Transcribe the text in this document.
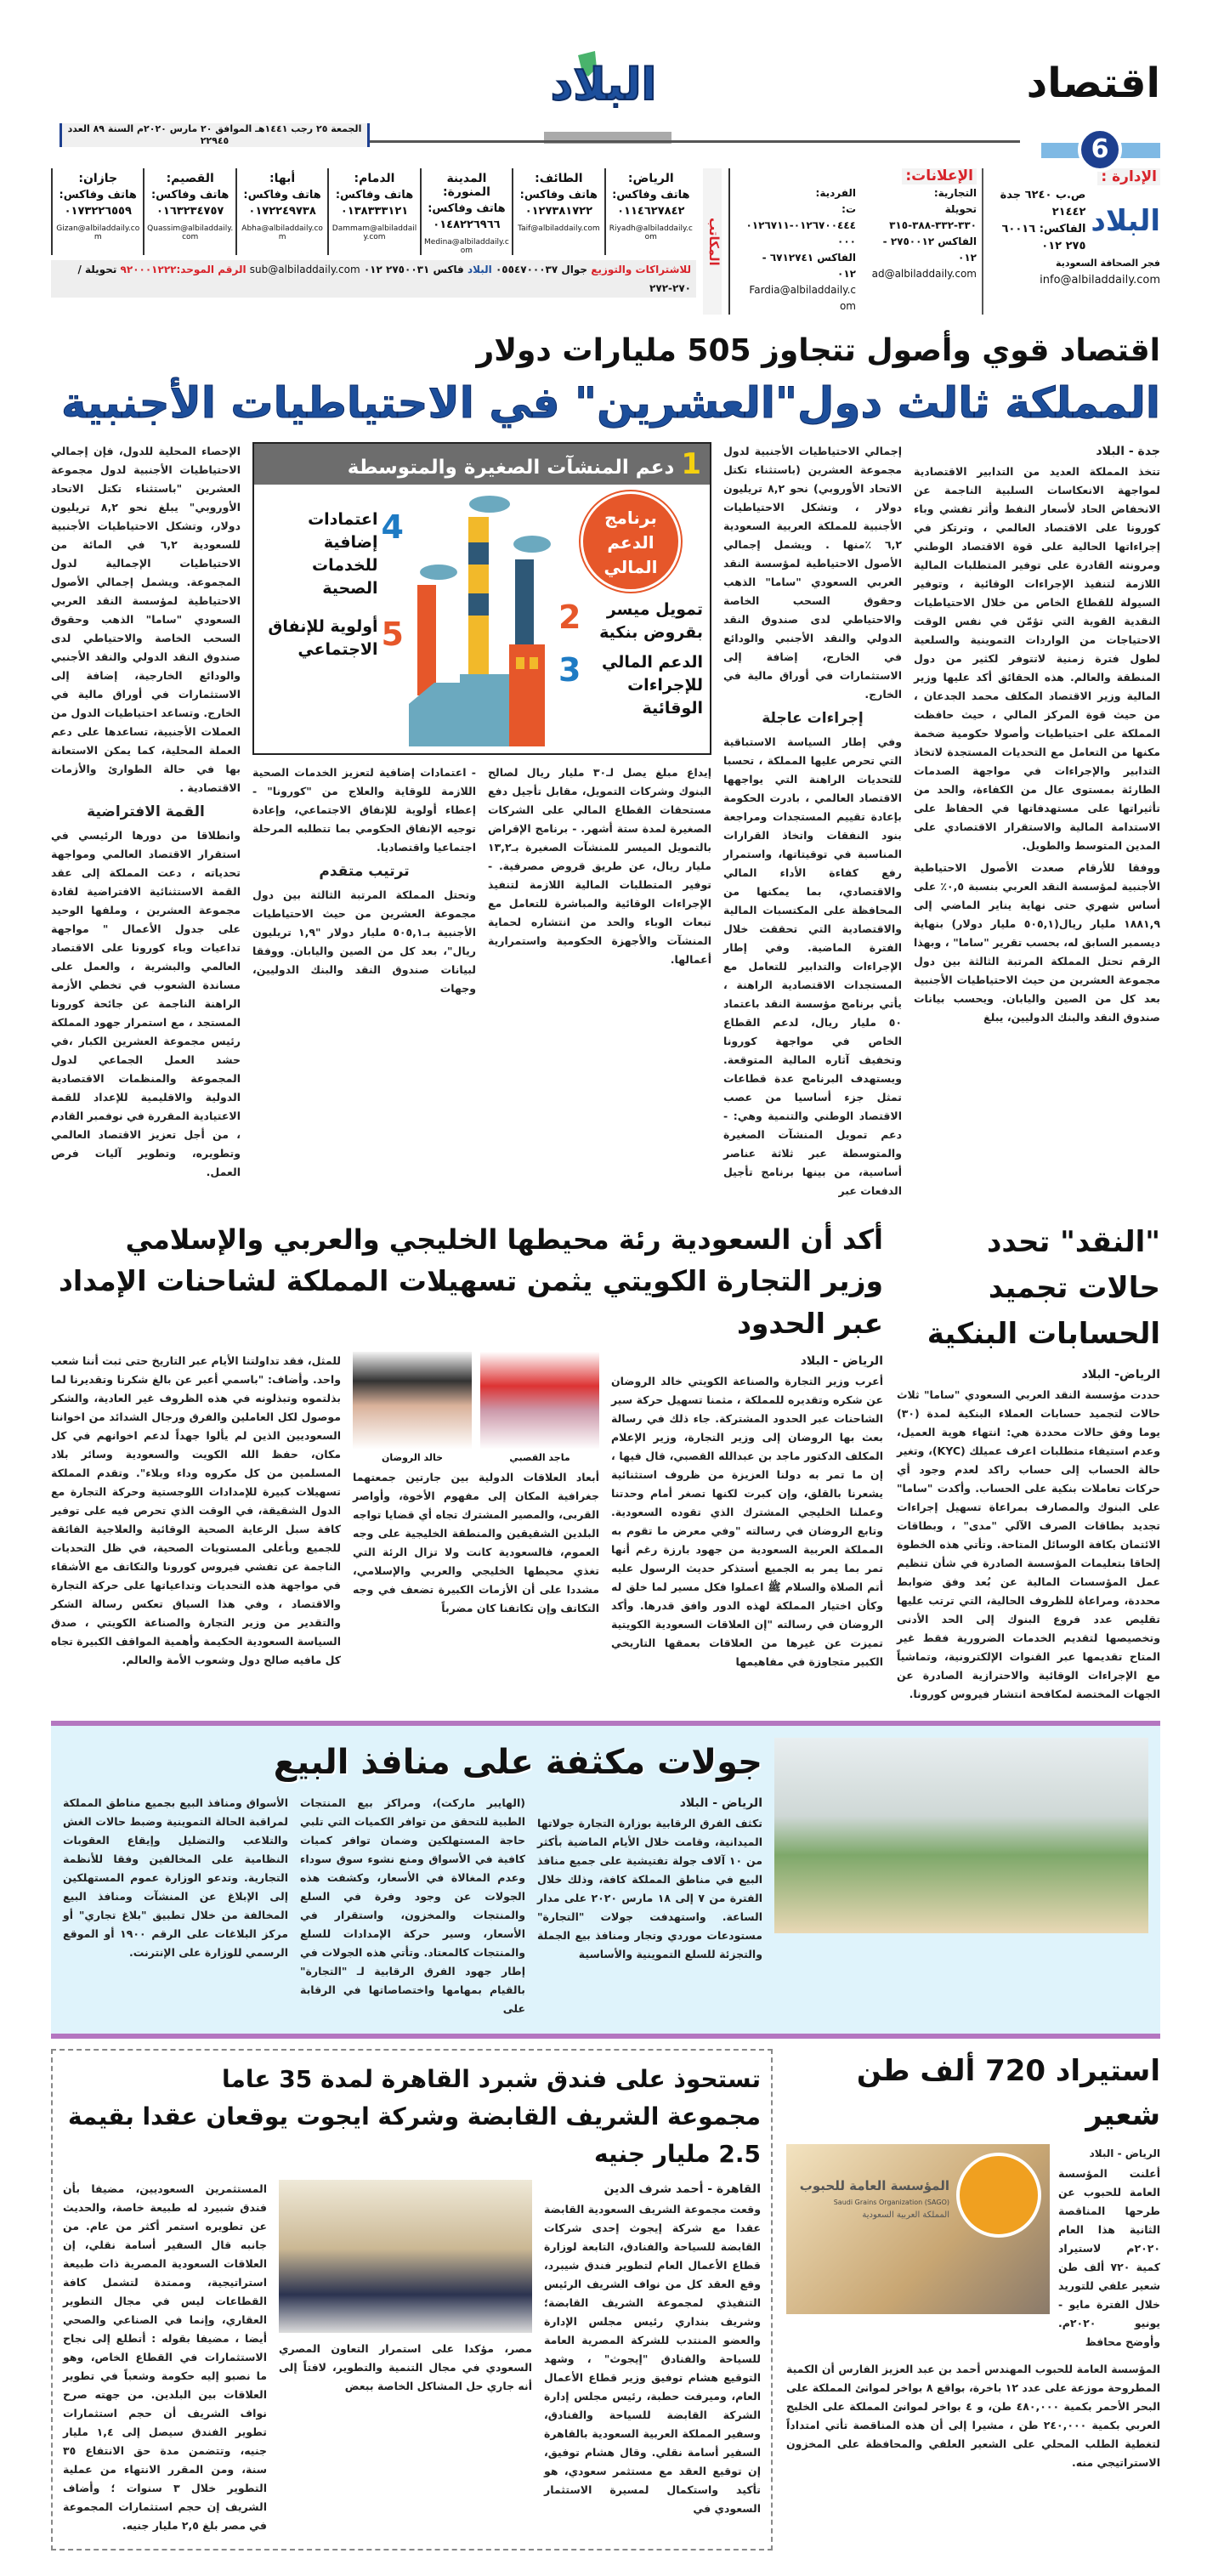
البلاد	اقتصاد
6
الجمعة ٢٥ رجب ١٤٤١هـ الموافق ٢٠ مارس ٢٠٢٠م السنة ٨٩ العدد ٢٢٩٤٥
الإدارة :
البلاد
ص.ب ٦٢٤٠ جدة ٢١٤٤٢
الفاكس: ٦٠٠١٦ ٢٧٥ ٠١٢
فجر الصحافة السعودية
info@albiladdaily.com
الإعلانات:
التجارية:
تحويلة ٣٣٠-٣٣٢-٣٨٨-٣١٥
الفاكس ٢٧٥٠٠١٢ - ٠١٢
ad@albiladdaily.com
الفردية:
ت: ٠١٢٦٧٠٠٤٤٤-٠١٢٦٧١١٠٠٠
الفاكس ٦٧١٢٧٤١ - ٠١٢
Fardia@albiladdaily.com
المكاتب
الرياض:
هاتف وفاكس:
٠١١٤٦٢٧٨٤٢
Riyadh@albiladdaily.com
الطائف:
هاتف وفاكس:
٠١٢٧٣٨١٧٢٢
Taif@albiladdaily.com
المدينة المنورة:
هاتف وفاكس:
٠١٤٨٢٢٦٩٦٦
Medina@albiladdaily.com
الدمام:
هاتف وفاكس:
٠١٣٨٣٣٣١٢١
Dammam@albiladdaily.com
أبها:
هاتف وفاكس:
٠١٧٢٢٤٩٧٣٨
Abha@albiladdaily.com
القصيم:
هاتف وفاكس:
٠١٦٣٢٣٤٧٥٧
Quassim@albiladdaily.com
جازان:
هاتف وفاكس:
٠١٧٣٢٢٦٥٥٩
Gizan@albiladdaily.com
للاشتراكات والتوزيع جوال ٠٥٥٤٧٠٠٠٣٧ البلاد فاكس ٢٧٥٠٠٣١ ٠١٢ sub@albiladdaily.com الرقم الموحد:٩٢٠٠٠١٢٢٢ تحويلة /٢٧٠-٢٧٢
اقتصاد قوي وأصول تتجاوز 505 مليارات دولار
المملكة ثالث دول"العشرين" في الاحتياطيات الأجنبية
جدة - البلاد

تتخذ المملكة العديد من التدابير الاقتصادية لمواجهة الانعكاسات السلبية الناجمة عن الانخفاض الحاد لأسعار النفط وأثر تفشي وباء كورونا على الاقتصاد العالمي ، وترتكز في إجراءاتها الحالية على قوة الاقتصاد الوطني ومرونته القادرة على توفير المتطلبات المالية اللازمة لتنفيذ الإجراءات الوقائية ، وتوفير السيولة للقطاع الخاص من خلال الاحتياطيات النقدية القوية التي تؤمّن في نفس الوقت الاحتياجات من الواردات التموينية والسلعية لطول فترة زمنية لاتتوفر لكثير من دول المنطقة والعالم. هذه الحقائق أكد عليها وزير المالية وزير الاقتصاد المكلف محمد الجدعان ، من حيث قوة المركز المالي ، حيث حافظت المملكة على احتياطيات وأصولا حكومية ضخمة مكنها من التعامل مع التحديات المستجدة لاتخاذ التدابير والإجراءات في مواجهة الصدمات الطارئة بمستوى عال من الكفاءة، والحد من تأثيراتها على مستهدفاتها في الحفاظ على الاستدامة المالية والاستقرار الاقتصادي على المدين المتوسط والطويل.

ووفقا للأرقام صعدت الأصول الاحتياطية الأجنبية لمؤسسة النقد العربي بنسبة ٠,٥٪ على أساس شهري حتى نهاية يناير الماضي إلى ١٨٨١,٩ مليار ريال(٥٠٥,١ مليار دولار) بنهاية ديسمبر السابق له، بحسب تقرير "ساما" ، وبهذا الرقم تحتل المملكة المرتبة الثالثة بين دول مجموعة العشرين من حيث الاحتياطيات الأجنبية بعد كل من الصين واليابان. ويحسب بيانات صندوق النقد والبنك الدوليين، يبلغ

إجمالي الاحتياطيات الأجنبية لدول مجموعة العشرين (باستثناء تكتل الاتحاد الأوروبي) نحو ٨,٢ تريليون دولار ، وتشكل الاحتياطيات الأجنبية للمملكة العربية السعودية ٦,٢ ٪منها . ويشمل إجمالي الأصول الاحتياطية لمؤسسة النقد العربي السعودي "ساما" الذهب وحقوق السحب الخاصة والاحتياطي لدى صندوق النقد الدولي والنقد الأجنبي والودائع في الخارج، إضافة إلى الاستثمارات في أوراق مالية في الخارج.

إجراءات عاجلة

وفي إطار السياسة الاستباقية التي تحرص عليها المملكة ، تحسبا للتحديات الراهنة التي يواجهها الاقتصاد العالمي ، بادرت الحكومة بإعادة تقييم المستجدات ومراجعة بنود النفقات واتخاذ القرارات المناسبة في توقيتاتها، واستمرار رفع كفاءة الأداء المالي والاقتصادي، بما يمكنها من المحافظة على المكتسبات المالية والاقتصادية التي تحققت خلال الفترة الماضية. وفي إطار الإجراءات والتدابير للتعامل مع المستجدات الاقتصادية الراهنة ، يأتي برنامج مؤسسة النقد باعتماد ٥٠ مليار ريال، لدعم القطاع الخاص في مواجهة كورونا وتخفيف آثاره المالية المتوقعة. ويستهدف البرنامج عدة قطاعات تمثل جزء أساسيا من عصب الاقتصاد الوطني والتنمية وهي: - دعم تمويل المنشآت الصغيرة والمتوسطة عبر ثلاثة عناصر أساسية، من بينها برنامج تأجيل الدفعات عبر

1 دعم المنشآت الصغيرة والمتوسطة
برنامج الدعم المالي
تمويل ميسر بقروض بنكية
2
الدعم المالي للإجراءات الوقائية
3
4
اعتمادات إضافية للخدمات الصحية
5
أولوية للإنفاق الاجتماعي

إيداع مبلغ يصل لـ٣٠ مليار ريال لصالح البنوك وشركات التمويل، مقابل تأجيل دفع مستحقات القطاع المالي على الشركات الصغيرة لمدة ستة أشهر. - برنامج الإقراض بالتمويل الميسر للمنشآت الصغيرة بـ١٣,٢ مليار ريال، عن طريق قروض مصرفية. - توفير المتطلبات المالية اللازمة لتنفيذ الإجراءات الوقائية والمباشرة للتعامل مع تبعات الوباء والحد من انتشاره لحماية المنشآت والأجهزة الحكومية واستمرارية أعمالها.

- اعتمادات إضافية لتعزيز الخدمات الصحية اللازمة للوقاية والعلاج من "كورونا" - إعطاء أولوية للإنفاق الاجتماعي، وإعادة توجيه الإنفاق الحكومي بما تتطلبه المرحلة اجتماعيا واقتصاديا.

ترتيب متقدم

وتحتل المملكة المرتبة الثالثة بين دول مجموعة العشرين من حيث الاحتياطيات الأجنبية بـ٥٠٥,١ مليار دولار "١,٩ تريليون ريال"، بعد كل من الصين واليابان. ووفقا لبيانات صندوق النقد والبنك الدوليين، وجهات

الإحصاء المحلية للدول، فإن إجمالي الاحتياطيات الأجنبية لدول مجموعة العشرين "باستثناء تكتل الاتحاد الأوروبي" يبلغ نحو ٨,٢ تريليون دولار، وتشكل الاحتياطيات الأجنبية للسعودية ٦,٢ في المائة من الاحتياطيات الإجمالية لدول المجموعة. ويشمل إجمالي الأصول الاحتياطية لمؤسسة النقد العربي السعودي "ساما" الذهب وحقوق السحب الخاصة والاحتياطي لدى صندوق النقد الدولي والنقد الأجنبي والودائع الخارجية، إضافة إلى الاستثمارات في أوراق مالية في الخارج. وتساعد احتياطيات الدول من العملات الأجنبية، تساعدها على دعم العملة المحلية، كما يمكن الاستعانة بها في حالة الطوارئ والأزمات الاقتصادية .

القمة الافتراضية

وانطلاقا من دورها الرئيسي في استقرار الاقتصاد العالمي ومواجهة تحدياته ، دعت المملكة إلى عقد القمة الاستثنائية الافتراضية لقادة مجموعة العشرين ، وملفها الوحيد على جدول الأعمال " مواجهة تداعيات وباء كورونا على الاقتصاد العالمي والبشرية ، والعمل على مساندة الشعوب في تخطي الأزمة الراهنة الناجمة عن جائحة كورونا المستجد ، مع استمرار جهود المملكة رئيس مجموعة العشرين الكبار ،في حشد العمل الجماعي لدول المجموعة والمنظمات الاقتصادية الدولية والاقليمية للإعداد للقمة الاعتيادية المقررة في نوفمبر القادم ، من أجل تعزيز الاقتصاد العالمي وتطويره، وتطوير آليات فرص العمل.

"النقد" تحدد حالات تجميد الحسابات البنكية
الرياض- البلاد

حددت مؤسسة النقد العربي السعودي "ساما" ثلاث حالات لتجميد حسابات العملاء البنكية لمدة (٣٠) يوما وفق حالات محددة هي: انتهاء هوية العميل، وعدم استيفاء متطلبات اعرف عميلك (KYC)، وتغير حالة الحساب إلى حساب راكد لعدم وجود أي حركات تعاملات بنكية على الحساب. وأكدت "ساما" على البنوك والمصارف بمراعاة تسهيل إجراءات تجديد بطاقات الصرف الآلي "مدى" ، وبطاقات الائتمان بكافة الوسائل المتاحة. وتأتي هذه الخطوة إلحاقا بتعليمات المؤسسة الصادرة في شأن تنظيم عمل المؤسسات المالية عن بُعد وفق ضوابط محددة، ومراعاة للظروف الحالية، التي ترتب عليها تقليص عدد فروع البنوك إلى الحد الأدنى وتخصيصها لتقديم الخدمات الضرورية فقط غير المتاح تقديمها عبر القنوات الإلكترونية، وتماشياً مع الإجراءات الوقائية والاحترازية الصادرة عن الجهات المختصة لمكافحة انتشار فيروس كورونا.

أكد أن السعودية رئة محيطها الخليجي والعربي والإسلامي
وزير التجارة الكويتي يثمن تسهيلات المملكة لشاحنات الإمداد عبر الحدود
الرياض - البلاد

أعرب وزير التجارة والصناعة الكويتي خالد الروضان عن شكره وتقديره للمملكة ، مثمنا تسهيل حركة سير الشاحنات عبر الحدود المشتركة. جاء ذلك في رسالة بعث بها الروضان إلى وزير التجارة، وزير الإعلام المكلف الدكتور ماجد بن عبدالله القصبي، قال فيها ، إن ما تمر به دولنا العزيزة من ظروف استثنائية يشعرنا بالقلق، وإن كبرت لكنها تصغر أمام وحدتنا وعملنا الخليجي المشترك الذي تقوده السعودية. وتابع الروضان في رسالته "وفي معرض ما تقوم به المملكة العربية السعودية من جهود بارزة رغم أنها تمر بما يمر به الجميع أستذكر حديث الرسول عليه أتم الصلاة والسلام ﷺ اعملوا فكل مسير لما خلق له وكأن اختيار المملكة لهذه الدور وافق قدرها. وأكد الروضان في رسالته "إن العلاقات السعودية الكويتية تميزت عن غيرها من العلاقات بعمقها التاريخي الكبير متجاوزة في مفاهيمها

ماجد القصبي
خالد الروضان

أبعاد العلاقات الدولية بين جارتين جمعتهما جغرافية المكان إلى مفهوم الأخوة، وأواصر القربى، والمصير المشترك تجاه أي قضايا تواجه البلدين الشقيقين والمنطقة الخليجية على وجه العموم، فالسعودية كانت ولا تزال الرئة التي تغذي محيطها الخليجي والعربي والإسلامي، مشددا على أن الأزمات الكبيرة تضعف في وجه التكاتف وإن تكاتفنا كان مضرباً

للمثل، فقد تداولتنا الأيام عبر التاريخ حتى ثبت أننا شعب واحد. وأضاف: "باسمي أعبر عن بالغ شكرنا وتقديرنا لما بذلتموه وتبذلونه في هذه الظروف غير العادية، والشكر موصول لكل العاملين والفرق ورجال الشدائد من اخواننا السعوديين الذين لم يألوا جهداً لدعم اخوانهم في كل مكان، حفظ الله الكويت والسعودية وسائر بلاد المسلمين من كل مكروه وداء وبلاء". وتقدم المملكة تسهيلات كبيرة للإمدادات اللوجستية وحركة التجارة مع الدول الشقيقة، في الوقت الذي تحرص فيه على توفير كافة سبل الرعاية الصحية الوقائية والعلاجية الفائقة للجميع وبأعلى المستويات الصحية، في ظل التحديات الناجمة عن تفشي فيروس كورونا والتكاتف مع الأشقاء في مواجهة هذه التحديات وتداعياتها على حركة التجارة والاقتصاد ، وفي هذا السياق تعكس رسالة الشكر والتقدير من وزير التجارة والصناعة الكويتي ، صدق السياسة السعودية الحكيمة وأهمية المواقف الكبيرة تجاه كل مافيه صالح دول وشعوب الأمة والعالم.

جولات مكثفة على منافذ البيع
الرياض - البلاد

تكثف الفرق الرقابية بوزارة التجارة جولاتها الميدانية، وقامت خلال الأيام الماضية بأكثر من ١٠ آلاف جولة تفتيشية على جميع منافذ البيع في مناطق المملكة كافة، وذلك خلال الفترة من ٧ إلى ١٨ مارس ٢٠٢٠ على مدار الساعة. واستهدفت جولات "التجارة" مستودعات موردي وتجار ومنافذ بيع الجملة والتجزئة للسلع التموينية والأساسية

(الهايبر ماركت)، ومراكز بيع المنتجات الطبية للتحقق من توافر الكميات التي تلبي حاجة المستهلكين وضمان توافر كميات كافية في الأسواق ومنع نشوء سوق سوداء وعدم المغالاة في الأسعار، وكشفت هذه الجولات عن وجود وفرة في السلع والمنتجات والمخزون، واستقرار في الأسعار، وسير حركة الإمدادات للسلع والمنتجات كالمعتاد. وتأتي هذه الجولات في إطار جهود الفرق الرقابية لـ "التجارة" بالقيام بمهامها واختصاصاتها في الرقابة على

الأسواق ومنافذ البيع بجميع مناطق المملكة لمراقبة الحالة التموينية وضبط حالات الغش والتلاعب والتضليل وإيقاع العقوبات النظامية على المخالفين وفقا للأنظمة التجارية. وتدعو الوزارة عموم المستهلكين إلى الإبلاغ عن المنشآت ومنافذ البيع المخالفة من خلال تطبيق "بلاغ تجاري" أو مركز البلاغات على الرقم ١٩٠٠ أو الموقع الرسمي للوزارة على الإنترنت.

استيراد 720 ألف طن شعير
الرياض - البلاد

أعلنت المؤسسة العامة للحبوب عن طرحها المناقصة الثانية هذا العام ٢٠٢٠م لاستيراد كمية ٧٢٠ ألف طن شعير علفي للتوريد خلال الفترة مايو - يونيو ٢٠٢٠م. وأوضح محافظ

المؤسسة العامة للحبوب
Saudi Grains Organization (SAGO)
المملكة العربية السعودية

المؤسسة العامة للحبوب المهندس أحمد بن عبد العزيز الفارس أن الكمية المطروحة موزعة على عدد ١٢ باخرة، بواقع ٨ بواخر لموانئ المملكة على البحر الأحمر بكمية ٤٨٠,٠٠٠ طن، و ٤ بواخر لموانئ المملكة على الخليج العربي بكمية ٢٤٠,٠٠٠ طن ، مشيرا إلى أن هذه المناقصة تأتي امتداداً لتغطية الطلب المحلي على الشعير العلفي والمحافظة على المخزون الاستراتيجي منه.

تستحوذ على فندق شبرد القاهرة لمدة 35 عاما
مجموعة الشريف القابضة وشركة ايجوت يوقعان عقدا بقيمة 2.5 مليار جنيه
القاهرة - أحمد شرف الدين

وقعت مجموعة الشريف السعودية القابضة عقدا مع شركة إيجوث إحدى شركات القابضة للسياحة والفنادق، التابعة لوزارة قطاع الأعمال العام لتطوير فندق شيبرد، وقع العقد كل من نواف الشريف الرئيس التنفيذي لمجموعة الشريف القابضة؛ وشريف بنداري رئيس مجلس الإدارة والعضو المنتدب للشركة المصرية العامة للسياحة والفنادق "إيجوث" ، وشهد التوقيع هشام توفيق وزير قطاع الأعمال العام، وميرفت حطبة، رئيس مجلس إدارة الشركة القابضة للسياحة والفنادق، وسفير المملكة العربية السعودية بالقاهرة السفير أسامة نقلي. وقال هشام توفيق، إن توقيع العقد مع مستثمر سعودي، هو تأكيد واستكمال لمسيرة الاستثمار السعودي في

مصر، مؤكدا على استمرار التعاون المصري السعودي في مجال التنمية والتطوير، لافتاً إلى أنه جاري حل المشاكل الخاصة ببعض

المستثمرين السعوديين، مضيفا بأن فندق شبيرد له طبيعة خاصة، والحديث عن تطويره استمر أكثر من عام. من جانبه قال السفير أسامة نقلي، إن العلاقات السعودية المصرية ذات طبيعة استراتيجية، وممتدة لتشمل كافة القطاعات ليس في مجال التطوير العقاري، وإنما في الصناعي والصحي أيضا ، مضيفا بقوله : أتطلع إلى نجاح الاستثمارات في القطاع الخاص، وهو ما نصبو إليه حكومة وشعباً في تطوير العلاقات بين البلدين. من جهته صرح نواف الشريف أن حجم استثمارات تطوير الفندق سيصل إلى ١,٤ مليار جنيه، وتتضمن مدة حق الانتفاع ٣٥ سنة، ومن المقرر الانتهاء من عملية التطوير خلال ٣ سنوات ؛ وأضاف الشريف إن حجم استثمارات المجموعة في مصر بلغ ٢,٥ مليار جنيه.
